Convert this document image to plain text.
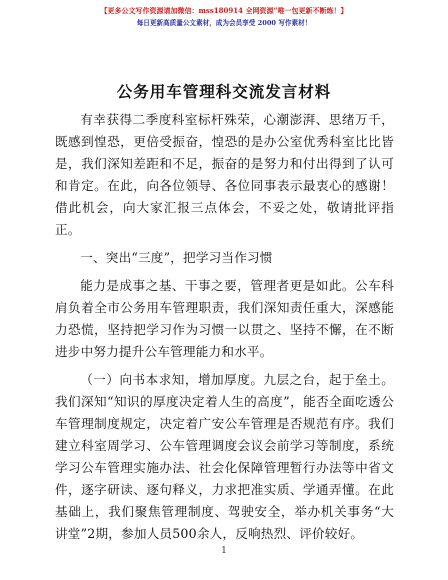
【更多公文写作资源请加微信：mss180914 全网资源“唯一包更新不断炼！】
每日更新高质量公文素材，成为会员享受 2000 写作素材！
公务用车管理科交流发言材料

有幸获得二季度科室标杆殊荣，心潮澎湃、思绪万千，既感到惶恐，更倍受振奋，惶恐的是办公室优秀科室比比皆是，我们深知差距和不足，振奋的是努力和付出得到了认可和肯定。在此，向各位领导、各位同事表示最衷心的感谢！借此机会，向大家汇报三点体会，不妥之处，敬请批评指正。

一、突出“三度”，把学习当作习惯

能力是成事之基、干事之要，管理者更是如此。公车科肩负着全市公务用车管理职责，我们深知责任重大，深感能力恐慌，坚持把学习作为习惯一以贯之、坚持不懈，在不断进步中努力提升公车管理能力和水平。

（一）向书本求知，增加厚度。九层之台，起于垒土。我们深知“知识的厚度决定着人生的高度”，能否全面吃透公车管理制度规定，决定着广安公车管理是否规范有序。我们建立科室周学习、公车管理调度会议会前学习等制度，系统学习公车管理实施办法、社会化保障管理暂行办法等中省文件，逐字研读、逐句释义，力求把准实质、学通弄懂。在此基础上，我们聚焦管理制度、驾驶安全，举办机关事务“大讲堂”2期，参加人员500余人，反响热烈、评价较好。

1
